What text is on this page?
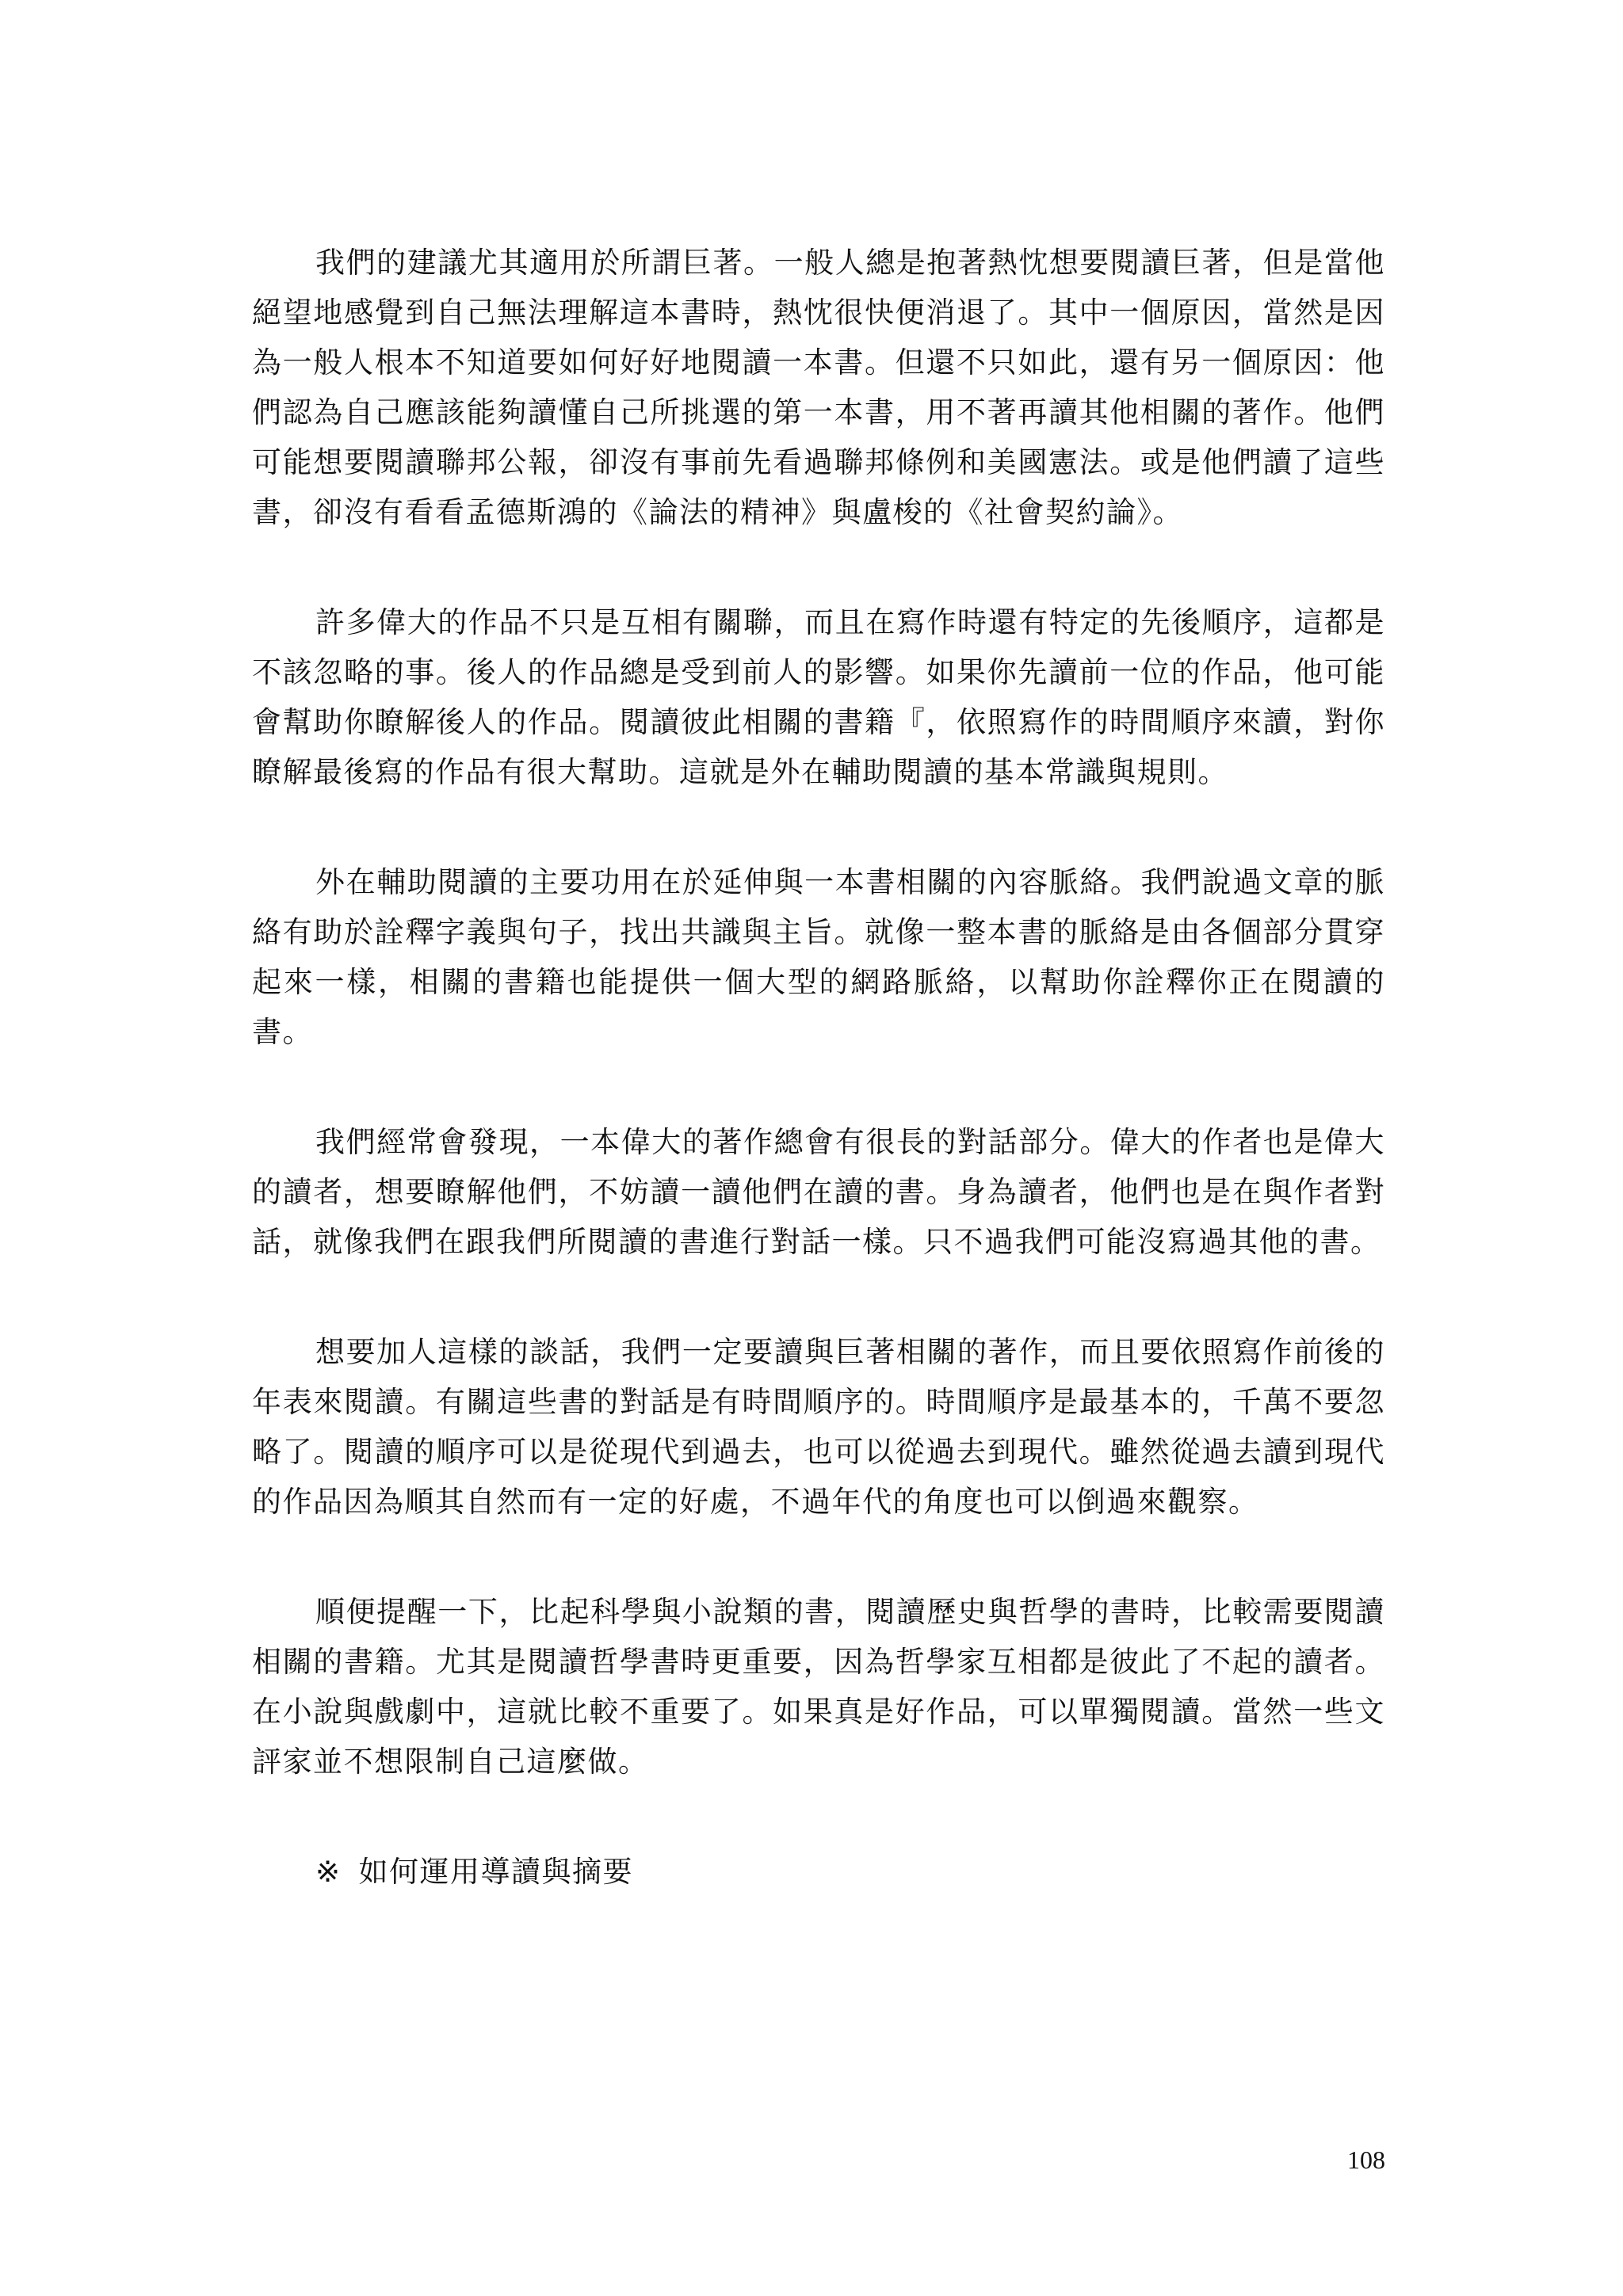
我們的建議尤其適用於所謂巨著。一般人總是抱著熱忱想要閱讀巨著，但是當他絕望地感覺到自己無法理解這本書時，熱忱很快便消退了。其中一個原因，當然是因為一般人根本不知道要如何好好地閱讀一本書。但還不只如此，還有另一個原因：他們認為自己應該能夠讀懂自己所挑選的第一本書，用不著再讀其他相關的著作。他們可能想要閱讀聯邦公報，卻沒有事前先看過聯邦條例和美國憲法。或是他們讀了這些書，卻沒有看看孟德斯鴻的《論法的精神》與盧梭的《社會契約論》。

許多偉大的作品不只是互相有關聯，而且在寫作時還有特定的先後順序，這都是不該忽略的事。後人的作品總是受到前人的影響。如果你先讀前一位的作品，他可能會幫助你瞭解後人的作品。閱讀彼此相關的書籍『，依照寫作的時間順序來讀，對你瞭解最後寫的作品有很大幫助。這就是外在輔助閱讀的基本常識與規則。

外在輔助閱讀的主要功用在於延伸與一本書相關的內容脈絡。我們說過文章的脈絡有助於詮釋字義與句子，找出共識與主旨。就像一整本書的脈絡是由各個部分貫穿起來一樣，相關的書籍也能提供一個大型的網路脈絡，以幫助你詮釋你正在閱讀的書。

我們經常會發現，一本偉大的著作總會有很長的對話部分。偉大的作者也是偉大的讀者，想要瞭解他們，不妨讀一讀他們在讀的書。身為讀者，他們也是在與作者對話，就像我們在跟我們所閱讀的書進行對話一樣。只不過我們可能沒寫過其他的書。

想要加人這樣的談話，我們一定要讀與巨著相關的著作，而且要依照寫作前後的年表來閱讀。有關這些書的對話是有時間順序的。時間順序是最基本的，千萬不要忽略了。閱讀的順序可以是從現代到過去，也可以從過去到現代。雖然從過去讀到現代的作品因為順其自然而有一定的好處，不過年代的角度也可以倒過來觀察。

順便提醒一下，比起科學與小說類的書，閱讀歷史與哲學的書時，比較需要閱讀相關的書籍。尤其是閱讀哲學書時更重要，因為哲學家互相都是彼此了不起的讀者。在小說與戲劇中，這就比較不重要了。如果真是好作品，可以單獨閱讀。當然一些文評家並不想限制自己這麼做。

※ 如何運用導讀與摘要

108
